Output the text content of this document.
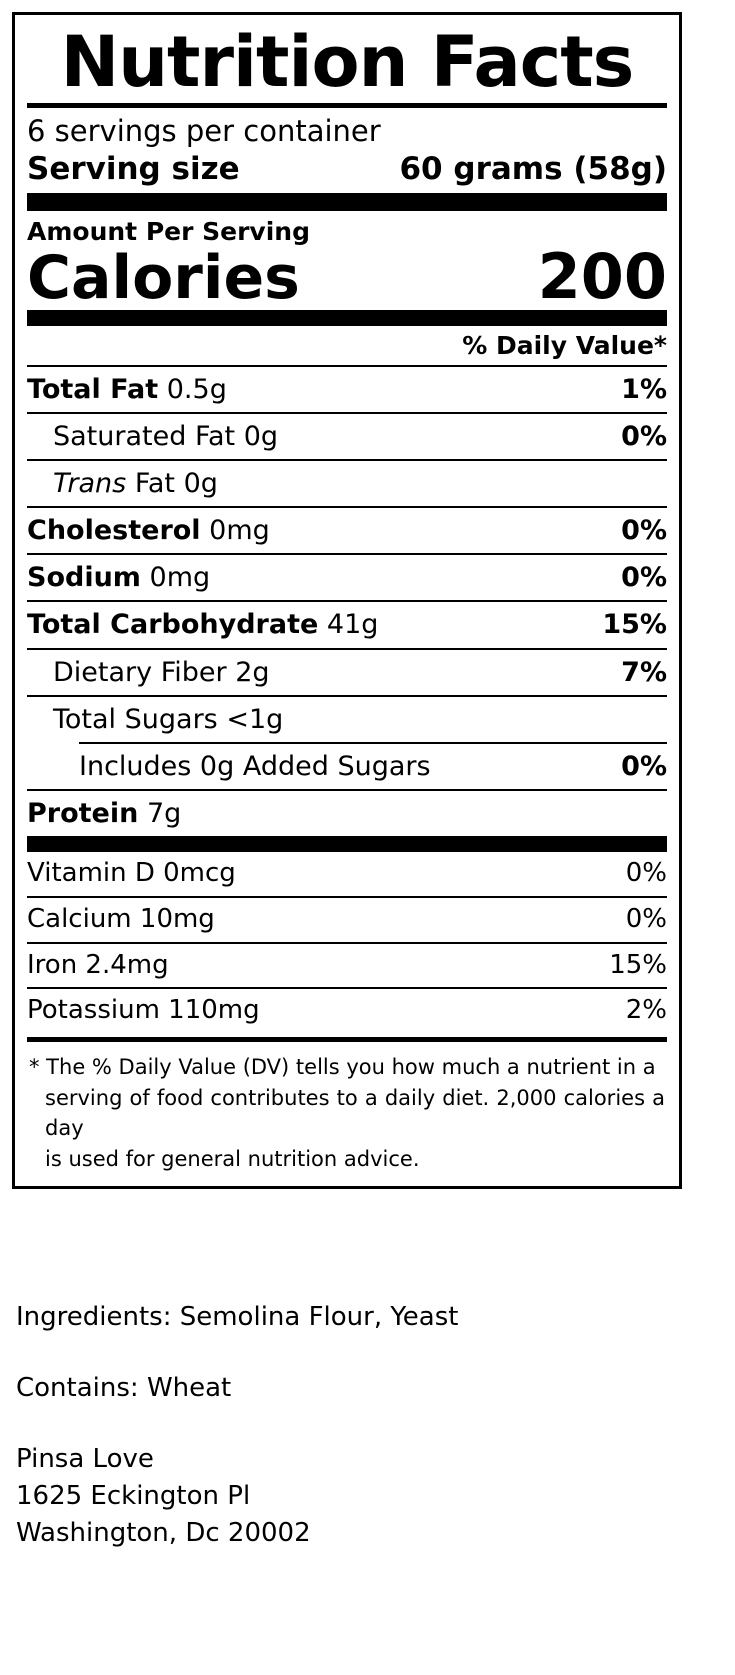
Nutrition Facts
6 servings per container
Serving size	60 grams (58g)
Amount Per Serving
Calories	200
% Daily Value*
Total Fat 0.5g	1%
Saturated Fat 0g	0%
Trans Fat 0g
Cholesterol 0mg	0%
Sodium 0mg	0%
Total Carbohydrate 41g	15%
Dietary Fiber 2g	7%
Total Sugars <1g
Includes 0g Added Sugars	0%
Protein 7g
Vitamin D 0mcg	0%
Calcium 10mg	0%
Iron 2.4mg	15%
Potassium 110mg	2%
* The % Daily Value (DV) tells you how much a nutrient in a
serving of food contributes to a daily diet. 2,000 calories a day
is used for general nutrition advice.

Ingredients: Semolina Flour, Yeast

Contains: Wheat

Pinsa Love
1625 Eckington Pl
Washington, Dc 20002
